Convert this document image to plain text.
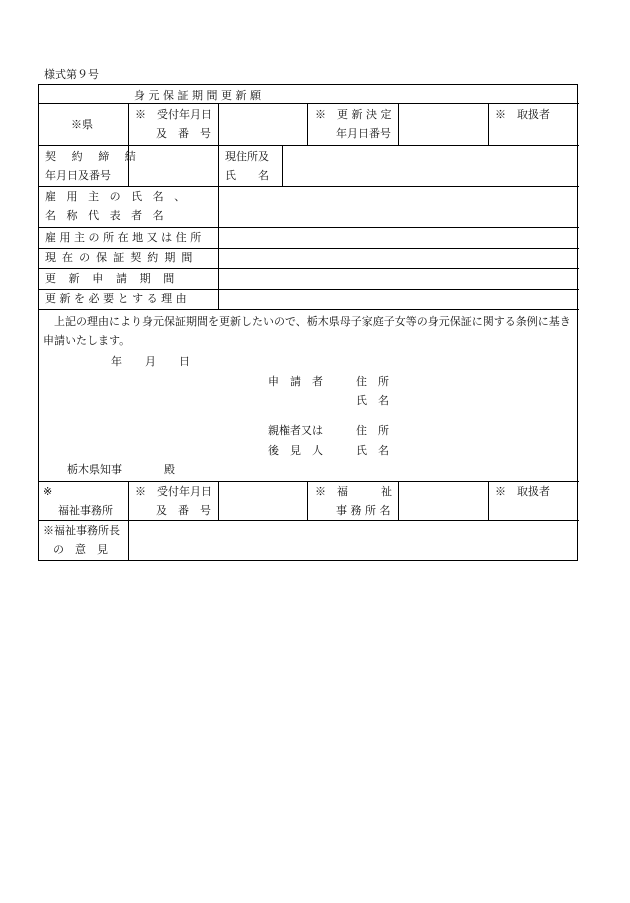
様式第９号
身 元 保 証 期 間 更 新 願
※県
※　受付年月日
及　番　号
※　更 新 決 定
年月日番号
※　取扱者
契 約 締 結
年月日及番号
現住所及
氏　　名
雇 用 主 の 氏 名 、
名 称 代 表 者 名
雇用主の所在地又は住所
現在の保証契約期間
更新申請期間
更新を必要とする理由
　上記の理由により身元保証期間を更新したいので、栃木県母子家庭子女等の身元保証に関する条例に基き
申請いたします。
年 月 日
申　請　者	住　所
氏　名
親権者又は
後　見　人
住　所
氏　名
栃木県知事	殿
※
福祉事務所
※　受付年月日
及　番　号
※　福　　　祉
事 務 所 名
※　取扱者
※福祉事務所長
の　意　見
